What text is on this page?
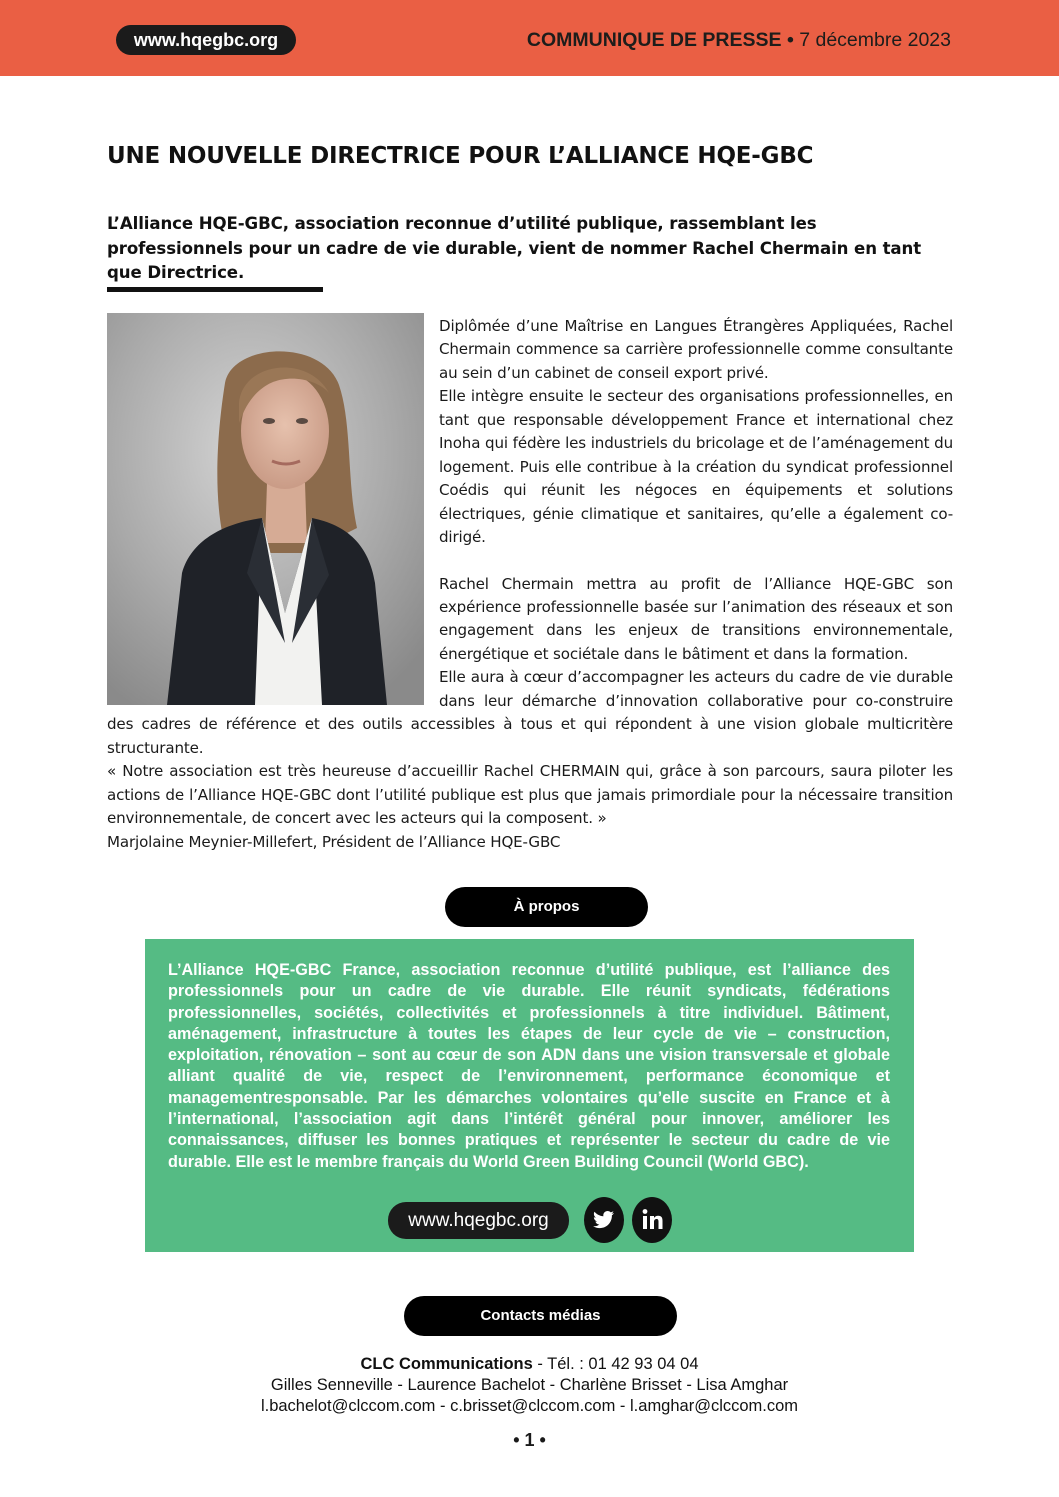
www.hqegbc.org	COMMUNIQUE DE PRESSE • 7 décembre 2023
UNE NOUVELLE DIRECTRICE POUR L’ALLIANCE HQE-GBC

L’Alliance HQE-GBC, association reconnue d’utilité publique, rassemblant les professionnels pour un cadre de vie durable, vient de nommer Rachel Chermain en tant que Directrice.

Diplômée d’une Maîtrise en Langues Étrangères Appliquées, Rachel Chermain commence sa carrière professionnelle comme consultante au sein d’un cabinet de conseil export privé.

Elle intègre ensuite le secteur des organisations professionnelles, en tant que responsable développement France et international chez Inoha qui fédère les industriels du bricolage et de l’aménagement du logement. Puis elle contribue à la création du syndicat professionnel Coédis qui réunit les négoces en équipements et solutions électriques, génie climatique et sanitaires, qu’elle a également co-dirigé.

Rachel Chermain mettra au profit de l’Alliance HQE-GBC son expérience professionnelle basée sur l’animation des réseaux et son engagement dans les enjeux de transitions environnementale, énergétique et sociétale dans le bâtiment et dans la formation.

Elle aura à cœur d’accompagner les acteurs du cadre de vie durable dans leur démarche d’innovation collaborative pour co-construire des cadres de référence et des outils accessibles à tous et qui répondent à une vision globale multicritère structurante.

« Notre association est très heureuse d’accueillir Rachel CHERMAIN qui, grâce à son parcours, saura piloter les actions de l’Alliance HQE-GBC dont l’utilité publique est plus que jamais primordiale pour la nécessaire transition environnementale, de concert avec les acteurs qui la composent. »

Marjolaine Meynier-Millefert, Président de l’Alliance HQE-GBC

À propos

L’Alliance HQE-GBC France, association reconnue d’utilité publique, est l’alliance des professionnels pour un cadre de vie durable. Elle réunit syndicats, fédérations professionnelles, sociétés, collectivités et professionnels à titre individuel. Bâtiment, aménagement, infrastructure à toutes les étapes de leur cycle de vie – construction, exploitation, rénovation – sont au cœur de son ADN dans une vision transversale et globale alliant qualité de vie, respect de l’environnement, performance économique et managementresponsable. Par les démarches volontaires qu’elle suscite en France et à l’international, l’association agit dans l’intérêt général pour innover, améliorer les connaissances, diffuser les bonnes pratiques et représenter le secteur du cadre de vie durable. Elle est le membre français du World Green Building Council (World GBC).

www.hqegbc.org
Contacts médias
CLC Communications - Tél. : 01 42 93 04 04
Gilles Senneville - Laurence Bachelot - Charlène Brisset - Lisa Amghar
l.bachelot@clccom.com - c.brisset@clccom.com - l.amghar@clccom.com
• 1 •
